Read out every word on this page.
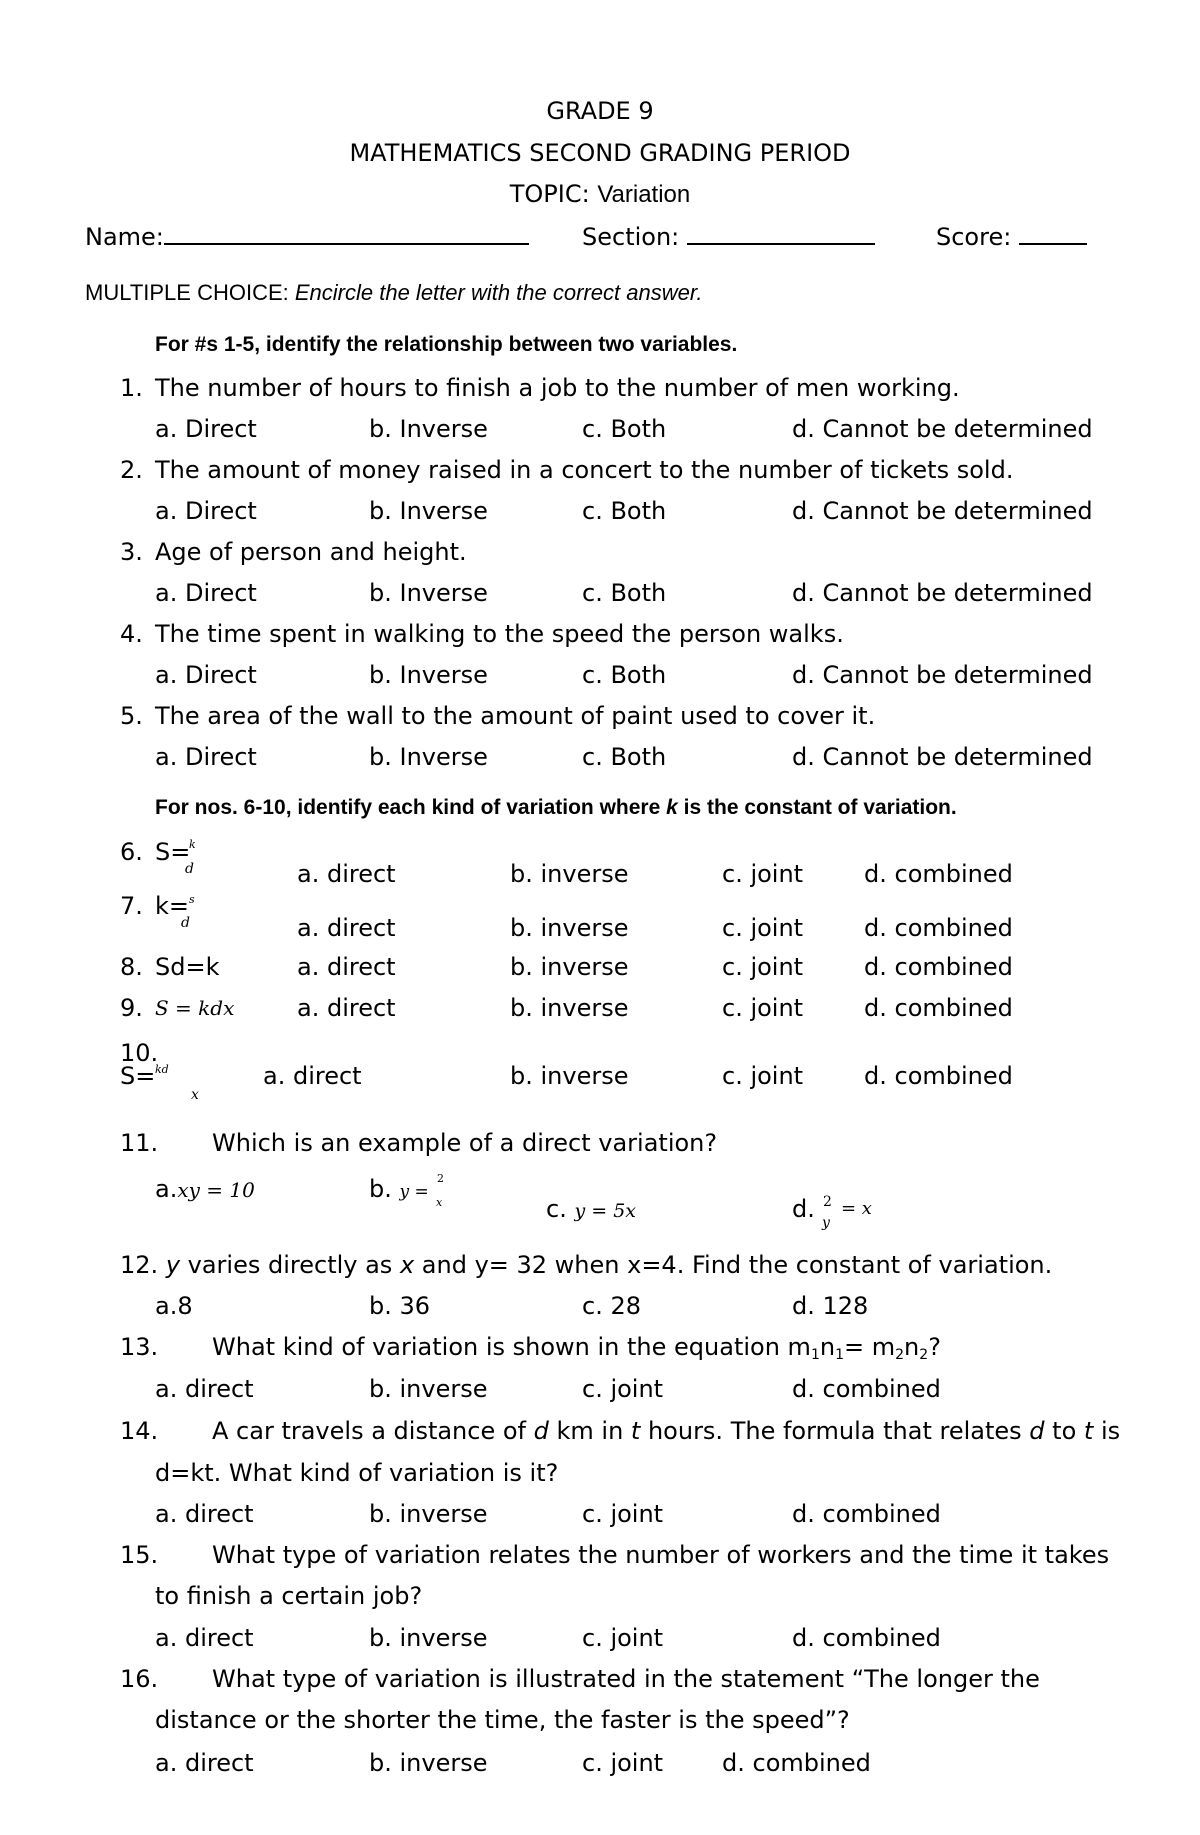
GRADE 9
MATHEMATICS SECOND GRADING PERIOD
TOPIC: Variation
Name:	Section:	Score:
MULTIPLE CHOICE: Encircle the letter with the correct answer.
For #s 1-5, identify the relationship between two variables.
1. The number of hours to finish a job to the number of men working.
a. Direct	b. Inverse	c. Both	d. Cannot be determined
2. The amount of money raised in a concert to the number of tickets sold.
a. Direct	b. Inverse	c. Both	d. Cannot be determined
3. Age of person and height.
a. Direct	b. Inverse	c. Both	d. Cannot be determined
4. The time spent in walking to the speed the person walks.
a. Direct	b. Inverse	c. Both	d. Cannot be determined
5. The area of the wall to the amount of paint used to cover it.
a. Direct	b. Inverse	c. Both	d. Cannot be determined
For nos. 6-10, identify each kind of variation where k is the constant of variation.
6. S=
k
d	a. direct	b. inverse	c. joint	d. combined
7. k= s
d	a. direct	b. inverse	c. joint	d. combined
8. Sd=k	a. direct	b. inverse	c. joint	d. combined
9. S = kdx	a. direct	b. inverse	c. joint	d. combined
10.
S= kd
x
a. direct	b. inverse	c. joint	d. combined
11. Which is an example of a direct variation?
a.xy = 10	b. y =
2
x	c. y = 5x	d. 2
y
= x
12. y varies directly as x and y= 32 when x=4. Find the constant of variation.
a.8	b. 36	c. 28	d. 128
13. What kind of variation is shown in the equation $m_1n_1= m_2n_2$?
a. direct	b. inverse	c. joint	d. combined
14. A car travels a distance of d km in t hours. The formula that relates d to t is
d=kt. What kind of variation is it?
a. direct	b. inverse	c. joint	d. combined
15. What type of variation relates the number of workers and the time it takes
to finish a certain job?
a. direct	b. inverse	c. joint	d. combined
16. What type of variation is illustrated in the statement “The longer the
distance or the shorter the time, the faster is the speed”?
a. direct	b. inverse	c. joint d. combined
